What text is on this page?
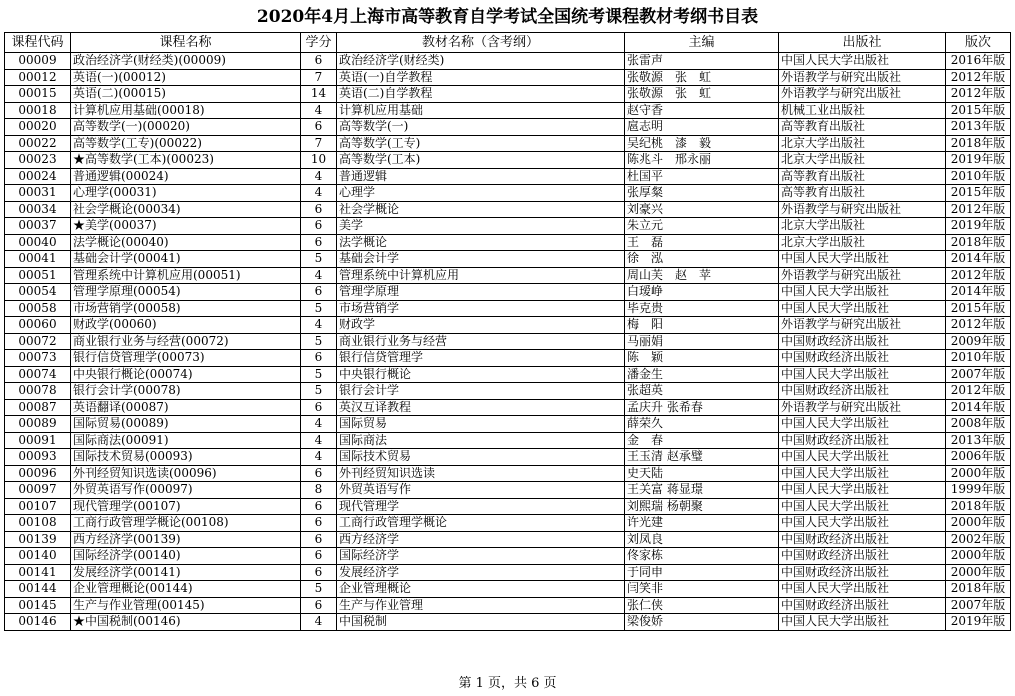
2020年4月上海市高等教育自学考试全国统考课程教材考纲书目表
课程代码	课程名称	学分	教材名称（含考纲）	主编	出版社	版次
00009	政治经济学(财经类)(00009)	6	政治经济学(财经类)	张雷声	中国人民大学出版社	2016年版
00012	英语(一)(00012)	7	英语(一)自学教程	张敬源　张　虹	外语教学与研究出版社	2012年版
00015	英语(二)(00015)	14	英语(二)自学教程	张敬源　张　虹	外语教学与研究出版社	2012年版
00018	计算机应用基础(00018)	4	计算机应用基础	赵守香	机械工业出版社	2015年版
00020	高等数学(一)(00020)	6	高等数学(一)	扈志明	高等教育出版社	2013年版
00022	高等数学(工专)(00022)	7	高等数学(工专)	吴纪桃　漆　毅	北京大学出版社	2018年版
00023	★高等数学(工本)(00023)	10	高等数学(工本)	陈兆斗　邢永丽	北京大学出版社	2019年版
00024	普通逻辑(00024)	4	普通逻辑	杜国平	高等教育出版社	2010年版
00031	心理学(00031)	4	心理学	张厚粲	高等教育出版社	2015年版
00034	社会学概论(00034)	6	社会学概论	刘豪兴	外语教学与研究出版社	2012年版
00037	★美学(00037)	6	美学	朱立元	北京大学出版社	2019年版
00040	法学概论(00040)	6	法学概论	王　磊	北京大学出版社	2018年版
00041	基础会计学(00041)	5	基础会计学	徐　泓	中国人民大学出版社	2014年版
00051	管理系统中计算机应用(00051)	4	管理系统中计算机应用	周山芙　赵　苹	外语教学与研究出版社	2012年版
00054	管理学原理(00054)	6	管理学原理	白瑷峥	中国人民大学出版社	2014年版
00058	市场营销学(00058)	5	市场营销学	毕克贵	中国人民大学出版社	2015年版
00060	财政学(00060)	4	财政学	梅　阳	外语教学与研究出版社	2012年版
00072	商业银行业务与经营(00072)	5	商业银行业务与经营	马丽娟	中国财政经济出版社	2009年版
00073	银行信贷管理学(00073)	6	银行信贷管理学	陈　颖	中国财政经济出版社	2010年版
00074	中央银行概论(00074)	5	中央银行概论	潘金生	中国人民大学出版社	2007年版
00078	银行会计学(00078)	5	银行会计学	张超英	中国财政经济出版社	2012年版
00087	英语翻译(00087)	6	英汉互译教程	孟庆升 张希春	外语教学与研究出版社	2014年版
00089	国际贸易(00089)	4	国际贸易	薛荣久	中国人民大学出版社	2008年版
00091	国际商法(00091)	4	国际商法	金　春	中国财政经济出版社	2013年版
00093	国际技术贸易(00093)	4	国际技术贸易	王玉清 赵承璧	中国人民大学出版社	2006年版
00096	外刊经贸知识选读(00096)	6	外刊经贸知识选读	史天陆	中国人民大学出版社	2000年版
00097	外贸英语写作(00097)	8	外贸英语写作	王关富 蒋显璟	中国人民大学出版社	1999年版
00107	现代管理学(00107)	6	现代管理学	刘熙瑞 杨朝聚	中国人民大学出版社	2018年版
00108	工商行政管理学概论(00108)	6	工商行政管理学概论	许光建	中国人民大学出版社	2000年版
00139	西方经济学(00139)	6	西方经济学	刘凤良	中国财政经济出版社	2002年版
00140	国际经济学(00140)	6	国际经济学	佟家栋	中国财政经济出版社	2000年版
00141	发展经济学(00141)	6	发展经济学	于同申	中国财政经济出版社	2000年版
00144	企业管理概论(00144)	5	企业管理概论	闫笑非	中国人民大学出版社	2018年版
00145	生产与作业管理(00145)	6	生产与作业管理	张仁侠	中国财政经济出版社	2007年版
00146	★中国税制(00146)	4	中国税制	梁俊娇	中国人民大学出版社	2019年版
第 1 页，共 6 页
